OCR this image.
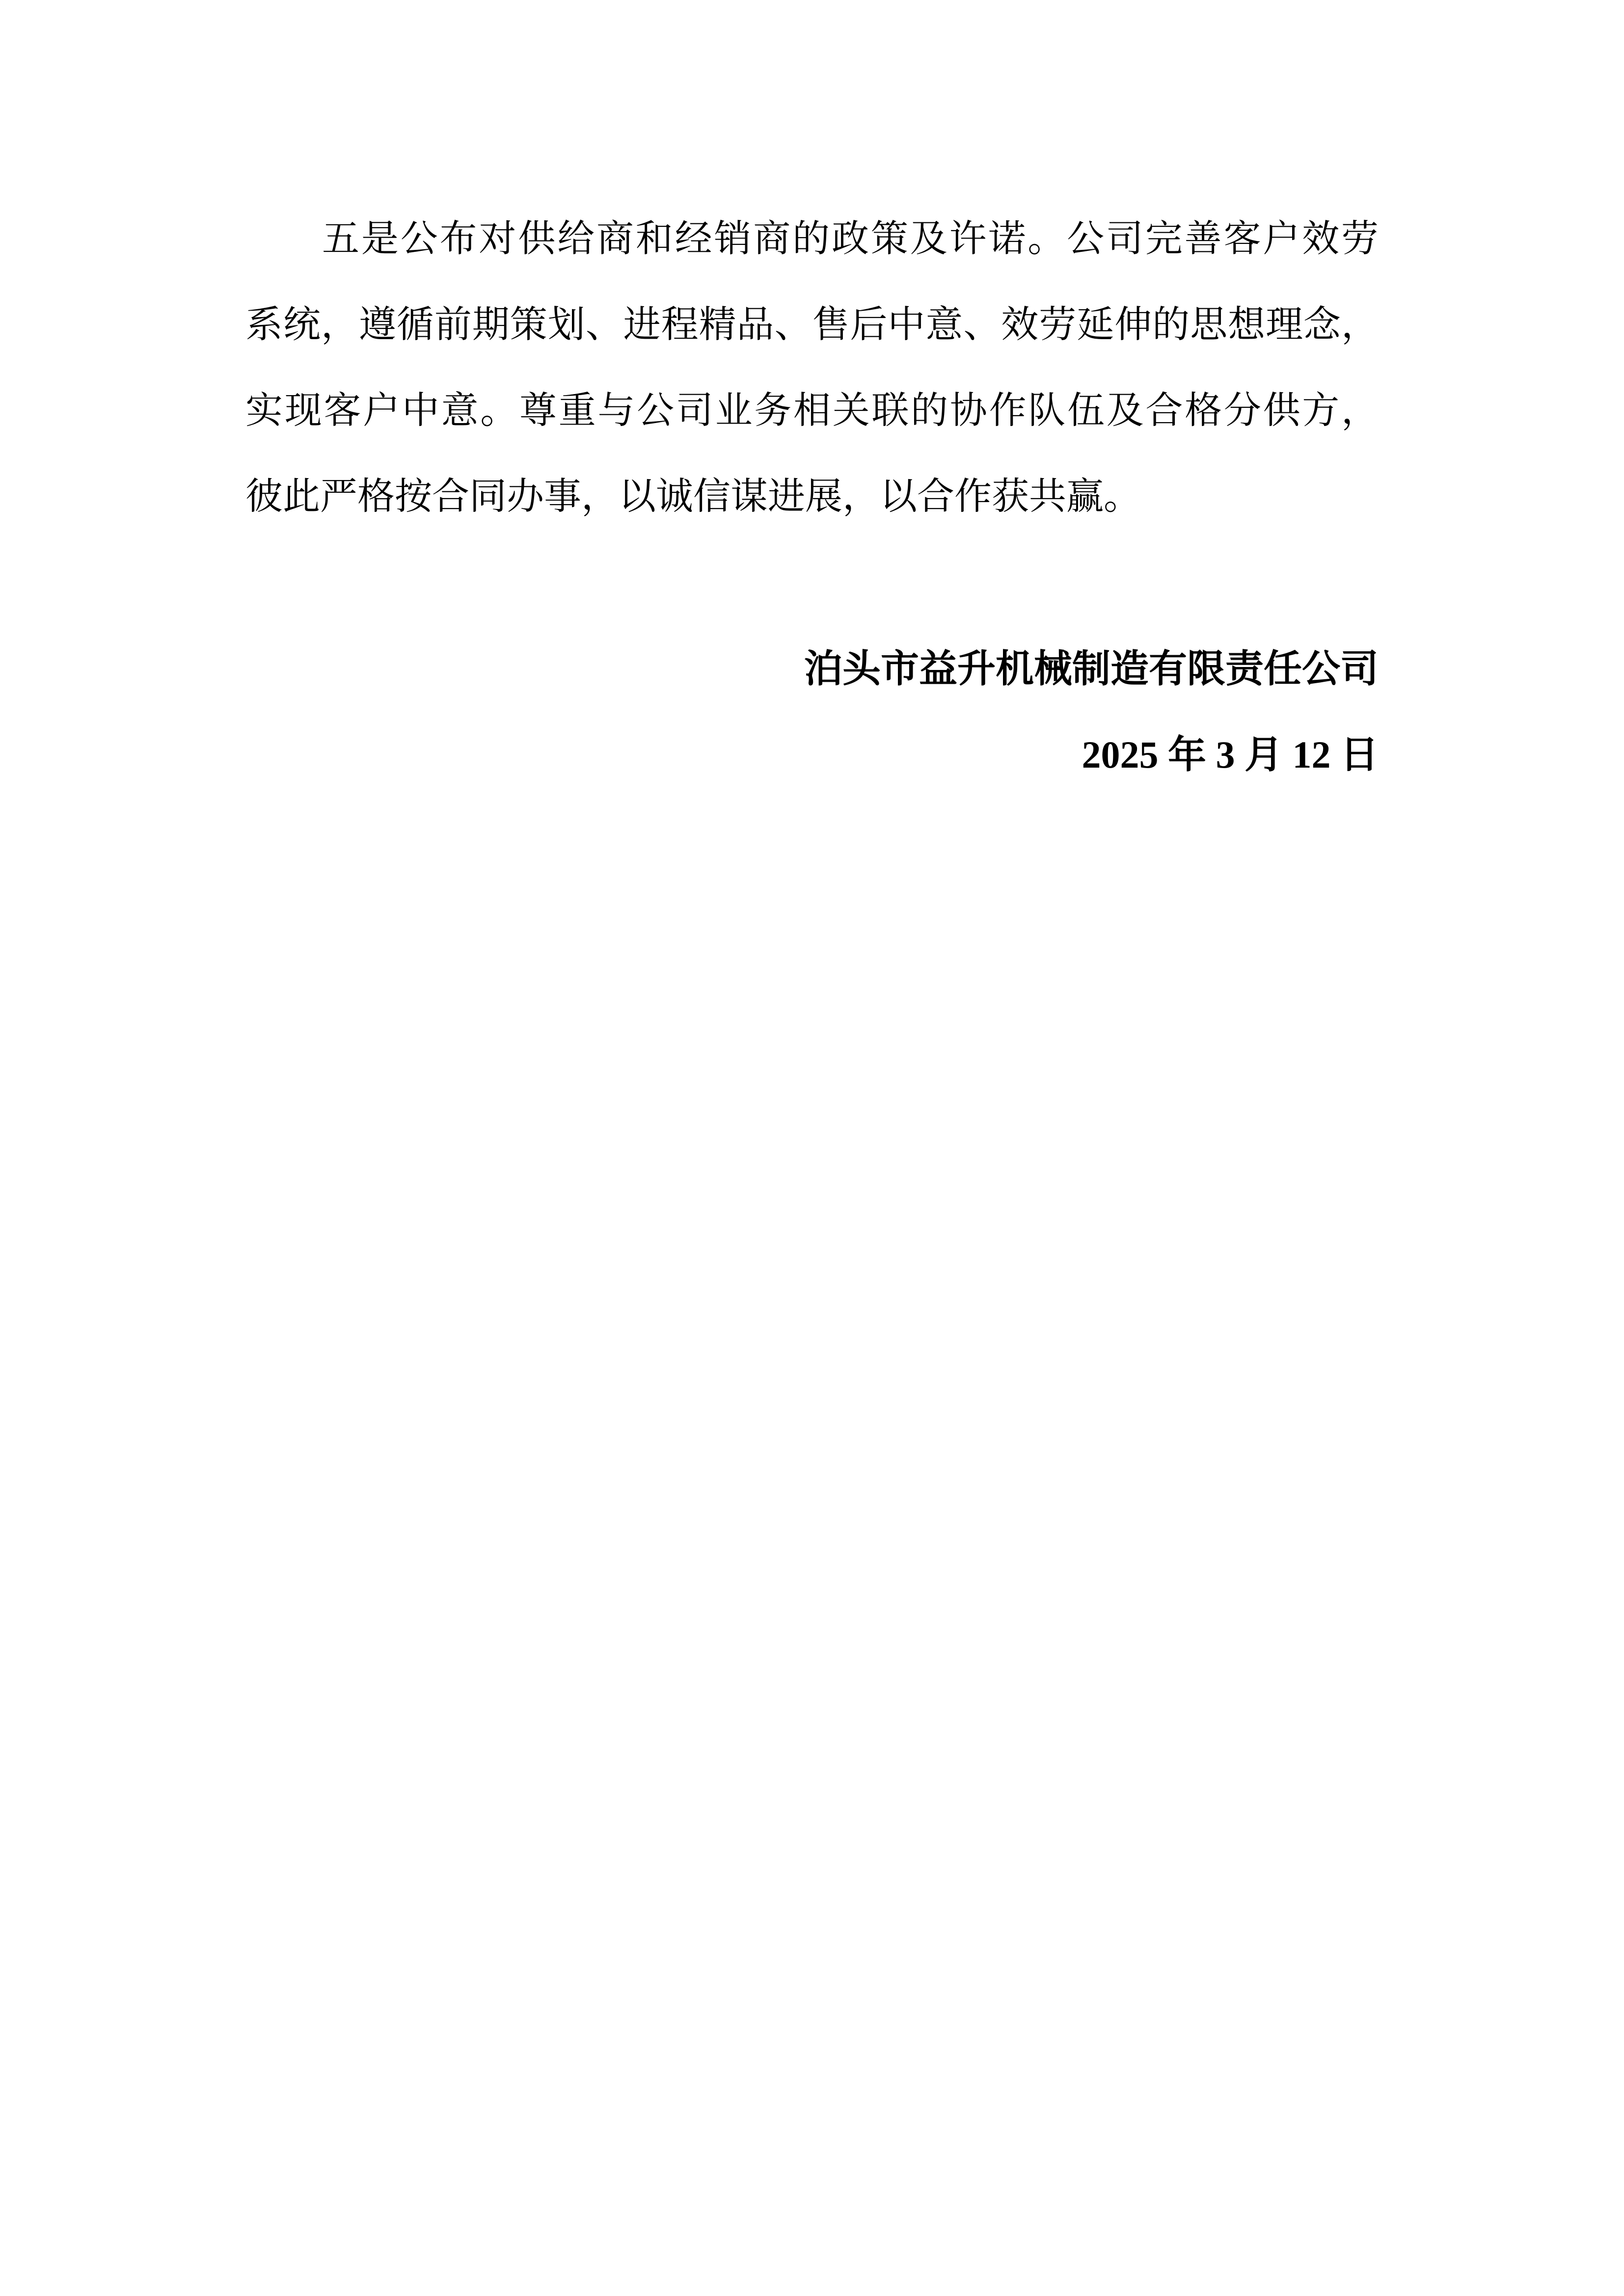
五是公布对供给商和经销商的政策及许诺。公司完善客户效劳
系统，遵循前期策划、进程精品、售后中意、效劳延伸的思想理念，
实现客户中意。尊重与公司业务相关联的协作队伍及合格分供方，
彼此严格按合同办事，以诚信谋进展，以合作获共赢。
泊头市益升机械制造有限责任公司
2025 年 3 月 12 日
